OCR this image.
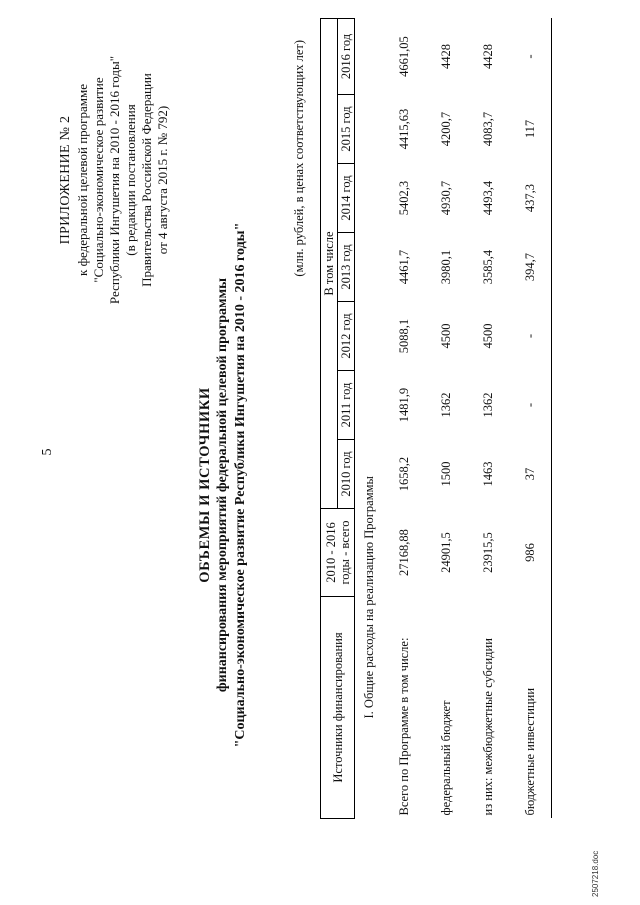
5
ПРИЛОЖЕНИЕ № 2 к федеральной целевой программе "Социально-экономическое развитие Республики Ингушетия на 2010 - 2016 годы" (в редакции постановления Правительства Российской Федерации от 4 августа 2015 г. № 792)
ОБЪЕМЫ И ИСТОЧНИКИ финансирования мероприятий федеральной целевой программы "Социально-экономическое развитие Республики Ингушетия на 2010 - 2016 годы"
(млн. рублей, в ценах соответствующих лет)
Источники финансирования	2010 - 2016 годы - всего	В том числе						
		2010 год	2011 год	2012 год	2013 год	2014 год	2015 год	2016 год
I. Общие расходы на реализацию Программы								
Всего по Программе в том числе:	27168,88	1658,2	1481,9	5088,1	4461,7	5402,3	4415,63	4661,05
федеральный бюджет	24901,5	1500	1362	4500	3980,1	4930,7	4200,7	4428
из них: межбюджетные субсидии	23915,5	1463	1362	4500	3585,4	4493,4	4083,7	4428
бюджетные инвестиции	986	37	-	-	394,7	437,3	117	-
2507218.doc
